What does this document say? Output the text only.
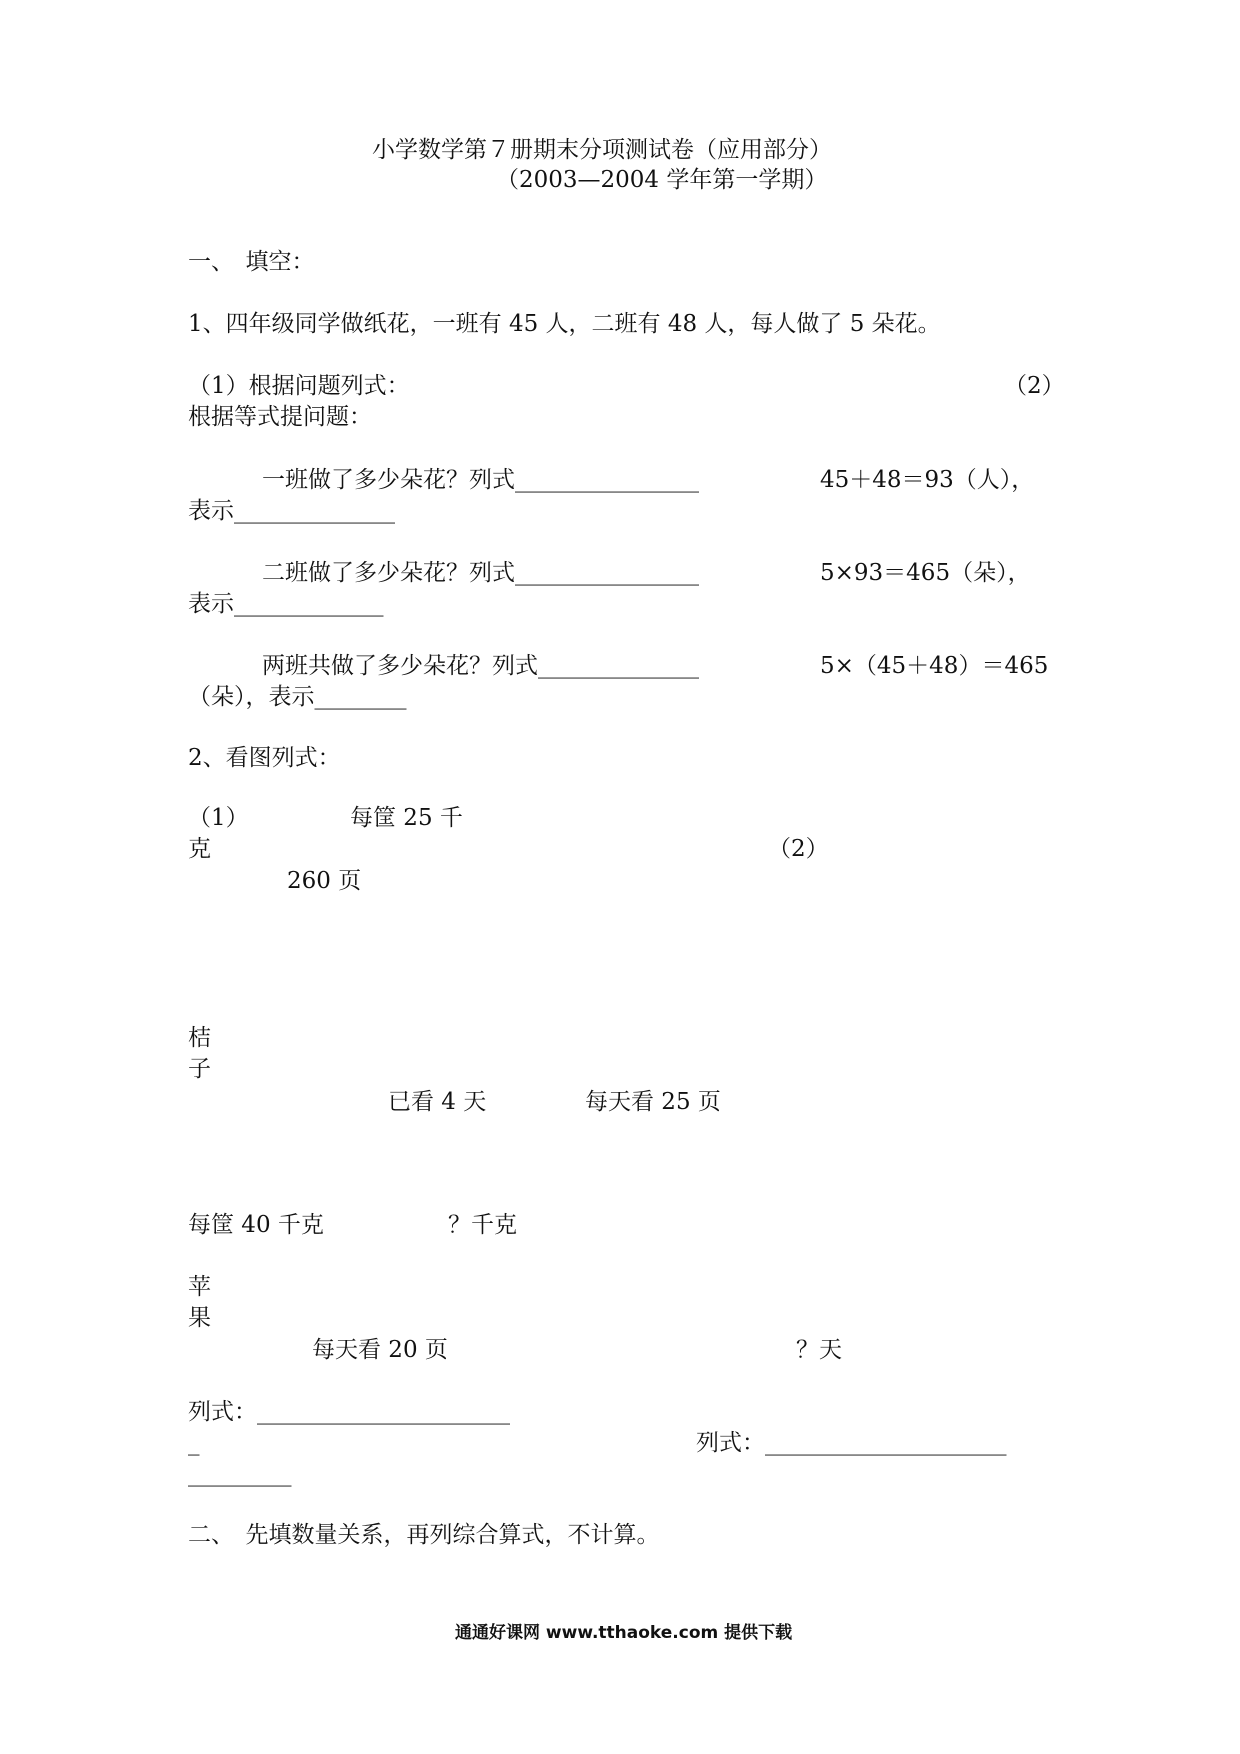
小学数学第７册期末分项测试卷（应用部分）
（2003—2004 学年第一学期）
一、　填空：
1、四年级同学做纸花，一班有 45 人，二班有 48 人，每人做了 5 朵花。
（1）根据问题列式：	（2）
根据等式提问题：
一班做了多少朵花？列式________________	45＋48＝93（人），
表示______________
二班做了多少朵花？列式________________	5×93＝465（朵），
表示_____________
两班共做了多少朵花？列式______________	5×（45＋48）＝465
（朵），表示________
2、看图列式：
（1）	每筐 25 千
克	（2）
260 页
桔
子
已看 4 天	每天看 25 页
每筐 40 千克	？千克
苹
果
每天看 20 页	？天
列式：______________________
_	列式：_____________________
_________
二、　先填数量关系，再列综合算式，不计算。
通通好课网 www.tthaoke.com 提供下载
